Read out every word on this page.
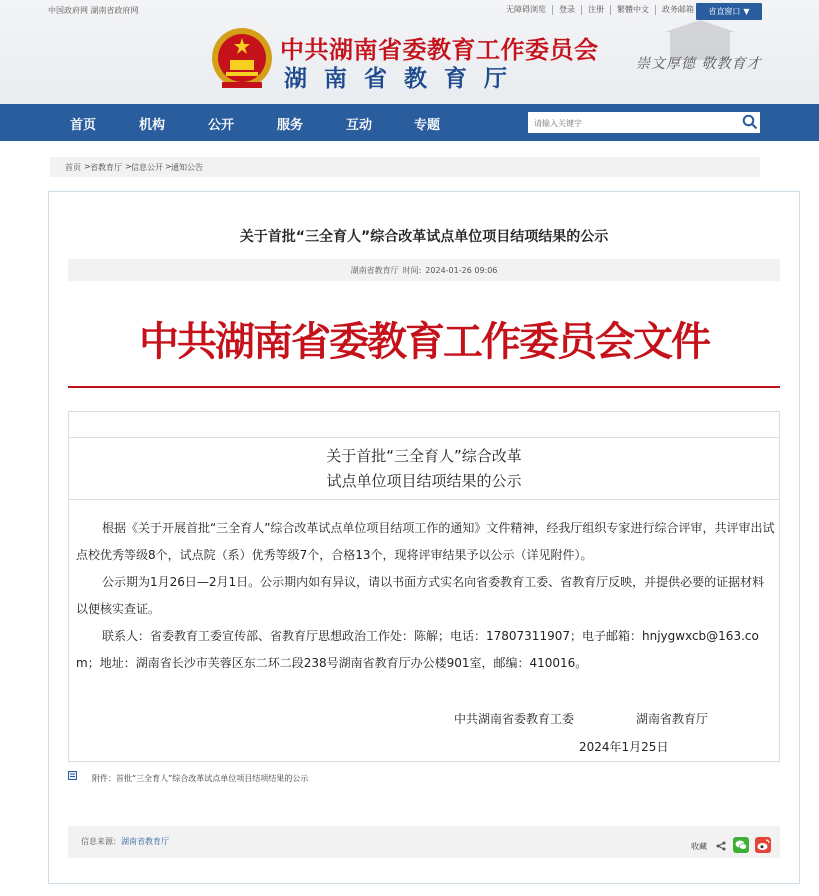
中国政府网 湖南省政府网	无障碍浏览	登录	注册	繁體中文	政务邮箱	省直窗口 ▼
中共湖南省委教育工作委员会
湖南省教育厅
崇文厚德 敬教育才
首页	机构	公开	服务	互动	专题
请输入关键字
首页 > 省教育厅 > 信息公开 > 通知公告
关于首批“三全育人”综合改革试点单位项目结项结果的公示
湖南省教育厅 时间: 2024-01-26 09:06
中共湖南省委教育工作委员会文件
关于首批“三全育人”综合改革
试点单位项目结项结果的公示
根据《关于开展首批“三全育人”综合改革试点单位项目结项工作的通知》文件精神，经我厅组织专家进行综合评审，共评审出试点校优秀等级8个，试点院（系）优秀等级7个，合格13个，现将评审结果予以公示（详见附件）。
公示期为1月26日—2月1日。公示期内如有异议，请以书面方式实名向省委教育工委、省教育厅反映，并提供必要的证据材料以便核实查证。
联系人：省委教育工委宣传部、省教育厅思想政治工作处：陈解；电话：17807311907；电子邮箱：hnjygwxcb@163.com；地址：湖南省长沙市芙蓉区东二环二段238号湖南省教育厅办公楼901室，邮编：410016。
中共湖南省委教育工委	湖南省教育厅
2024年1月25日
附件：首批“三全育人”综合改革试点单位项目结项结果的公示
信息来源：湖南省教育厅
收藏
